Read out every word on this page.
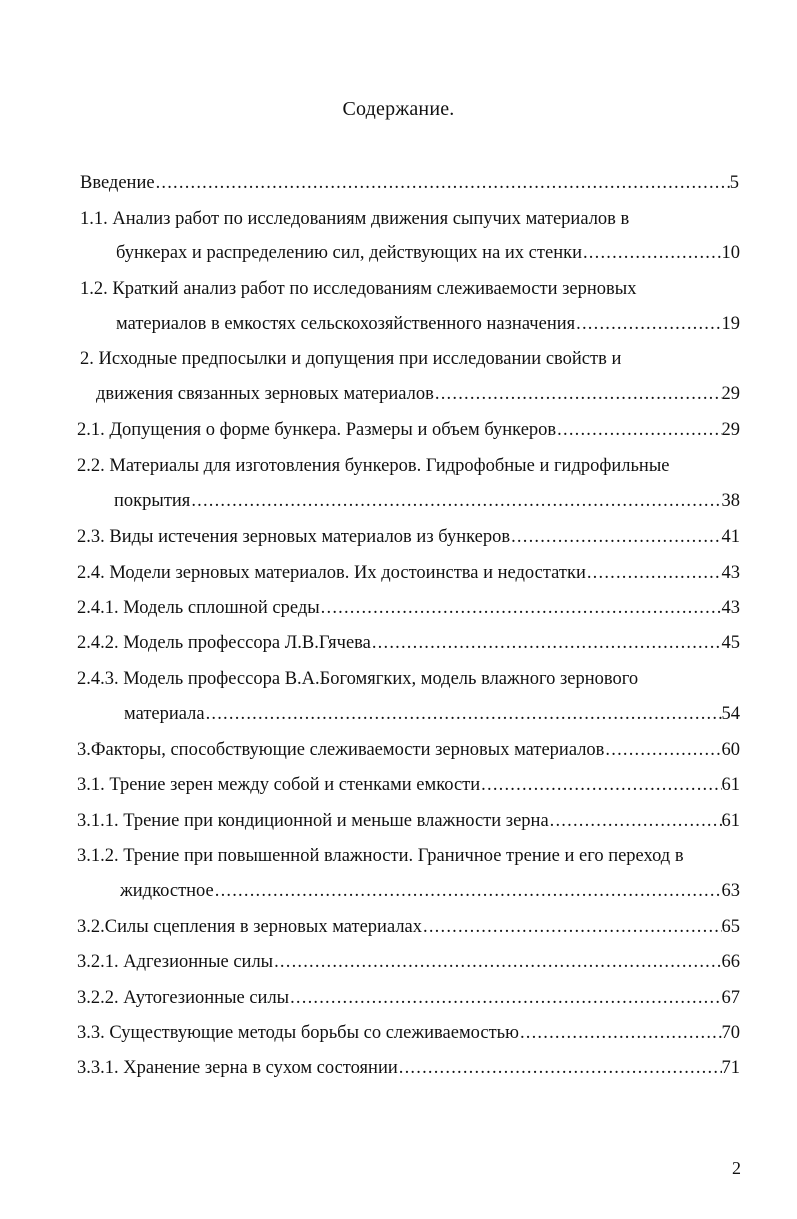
Содержание.
Введение .....	5
1.1. Анализ работ по исследованиям движения сыпучих материалов в
бункерах и распределению сил, действующих на их стенки .....	10
1.2. Краткий анализ работ по исследованиям слеживаемости зерновых
материалов в емкостях сельскохозяйственного назначения .....	19
2. Исходные предпосылки и допущения при исследовании свойств и
движения связанных зерновых материалов .....	29
2.1. Допущения о форме бункера. Размеры и объем бункеров .....	29
2.2. Материалы для изготовления бункеров. Гидрофобные и гидрофильные
покрытия .....	38
2.3. Виды истечения зерновых материалов из бункеров .....	41
2.4. Модели зерновых материалов. Их достоинства и недостатки .....	43
2.4.1. Модель сплошной среды .....	43
2.4.2. Модель профессора Л.В.Гячева .....	45
2.4.3. Модель профессора В.А.Богомягких, модель влажного зернового
материала .....	54
3.Факторы, способствующие слеживаемости зерновых материалов .....	60
3.1. Трение зерен между собой и стенками емкости .....	61
3.1.1. Трение при кондиционной и меньше влажности зерна .....	61
3.1.2. Трение при повышенной влажности. Граничное трение и его переход в
жидкостное .....	63
3.2.Силы сцепления в зерновых материалах .....	65
3.2.1. Адгезионные силы .....	66
3.2.2. Аутогезионные силы .....	67
3.3. Существующие методы борьбы со слеживаемостью .....	70
3.3.1. Хранение зерна в сухом состоянии .....	71
2
